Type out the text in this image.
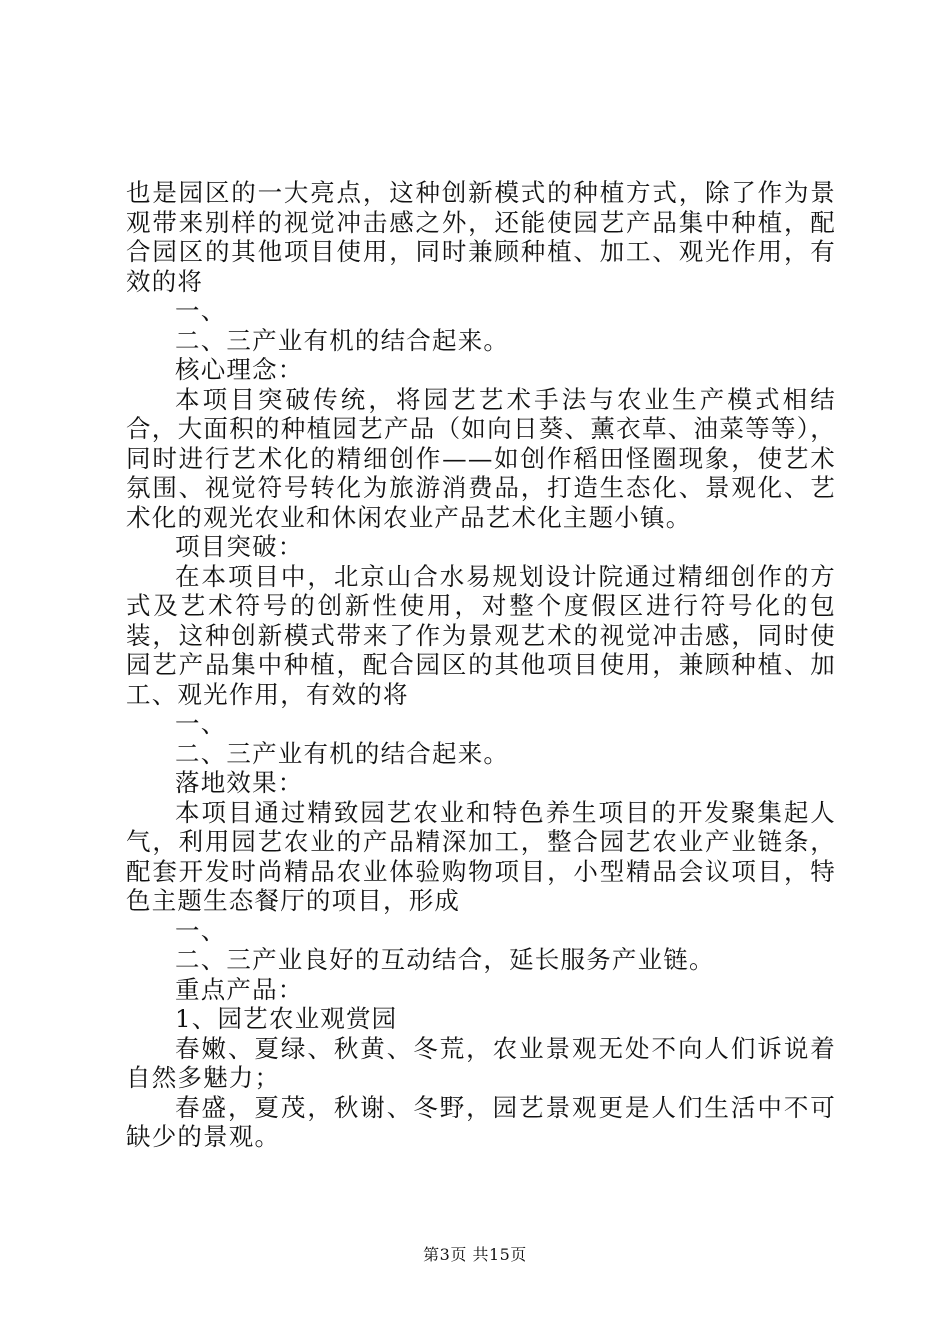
也是园区的一大亮点，这种创新模式的种植方式，除了作为景观带来别样的视觉冲击感之外，还能使园艺产品集中种植，配合园区的其他项目使用，同时兼顾种植、加工、观光作用，有效的将

一、

二、三产业有机的结合起来。

核心理念：

本项目突破传统，将园艺艺术手法与农业生产模式相结合，大面积的种植园艺产品（如向日葵、薰衣草、油菜等等），同时进行艺术化的精细创作——如创作稻田怪圈现象，使艺术氛围、视觉符号转化为旅游消费品，打造生态化、景观化、艺术化的观光农业和休闲农业产品艺术化主题小镇。

项目突破：

在本项目中，北京山合水易规划设计院通过精细创作的方式及艺术符号的创新性使用，对整个度假区进行符号化的包装，这种创新模式带来了作为景观艺术的视觉冲击感，同时使园艺产品集中种植，配合园区的其他项目使用，兼顾种植、加工、观光作用，有效的将

一、

二、三产业有机的结合起来。

落地效果：

本项目通过精致园艺农业和特色养生项目的开发聚集起人气，利用园艺农业的产品精深加工，整合园艺农业产业链条，配套开发时尚精品农业体验购物项目，小型精品会议项目，特色主题生态餐厅的项目，形成

一、

二、三产业良好的互动结合，延长服务产业链。

重点产品：

1、园艺农业观赏园

春嫩、夏绿、秋黄、冬荒，农业景观无处不向人们诉说着自然多魅力；

春盛，夏茂，秋谢、冬野，园艺景观更是人们生活中不可缺少的景观。

第3页 共15页
